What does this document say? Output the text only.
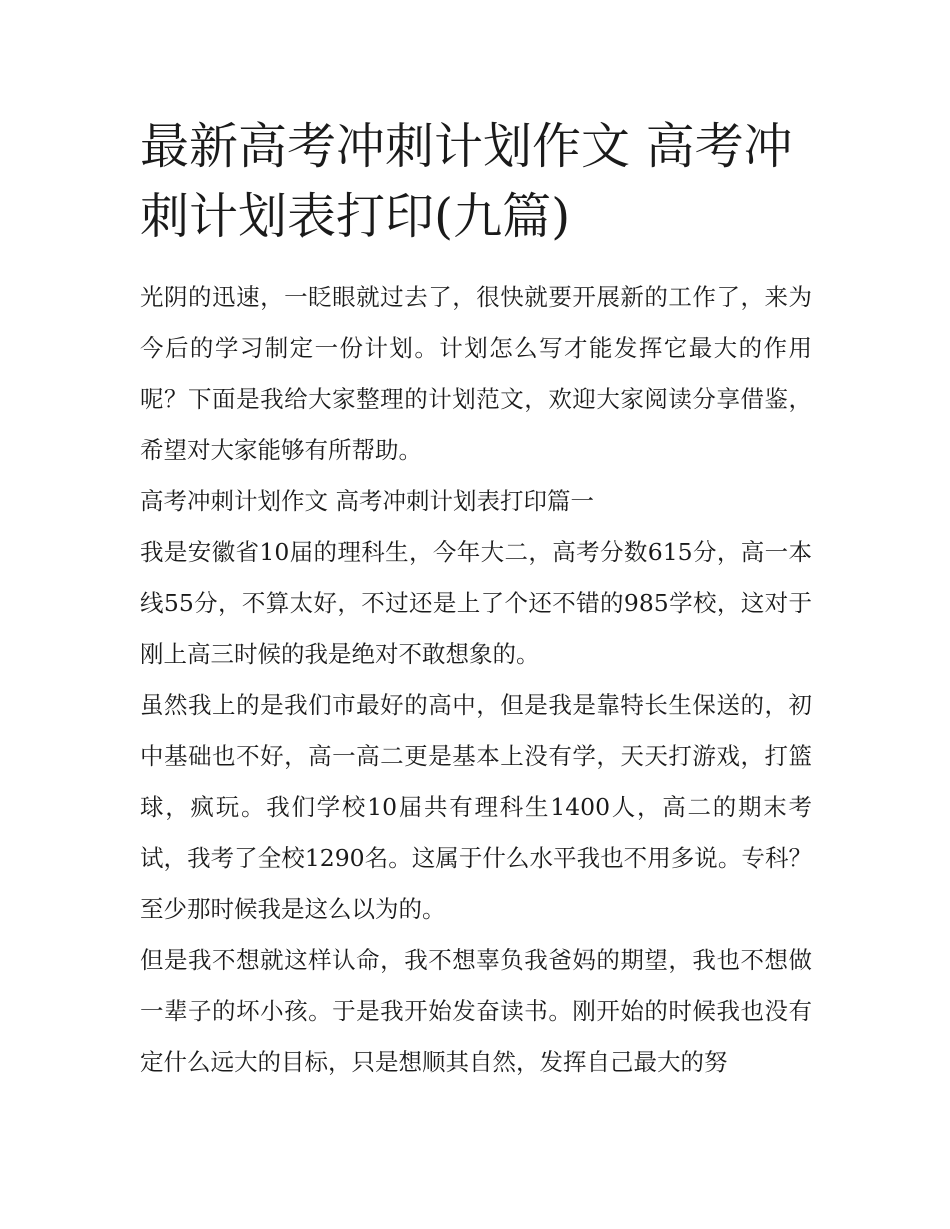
最新高考冲刺计划作文 高考冲刺计划表打印(九篇)

光阴的迅速，一眨眼就过去了，很快就要开展新的工作了，来为今后的学习制定一份计划。计划怎么写才能发挥它最大的作用呢？下面是我给大家整理的计划范文，欢迎大家阅读分享借鉴，希望对大家能够有所帮助。

高考冲刺计划作文 高考冲刺计划表打印篇一

我是安徽省10届的理科生，今年大二，高考分数615分，高一本线55分，不算太好，不过还是上了个还不错的985学校，这对于刚上高三时候的我是绝对不敢想象的。

虽然我上的是我们市最好的高中，但是我是靠特长生保送的，初中基础也不好，高一高二更是基本上没有学，天天打游戏，打篮球，疯玩。我们学校10届共有理科生1400人，高二的期末考试，我考了全校1290名。这属于什么水平我也不用多说。专科？至少那时候我是这么以为的。

但是我不想就这样认命，我不想辜负我爸妈的期望，我也不想做一辈子的坏小孩。于是我开始发奋读书。刚开始的时候我也没有定什么远大的目标，只是想顺其自然，发挥自己最大的努
